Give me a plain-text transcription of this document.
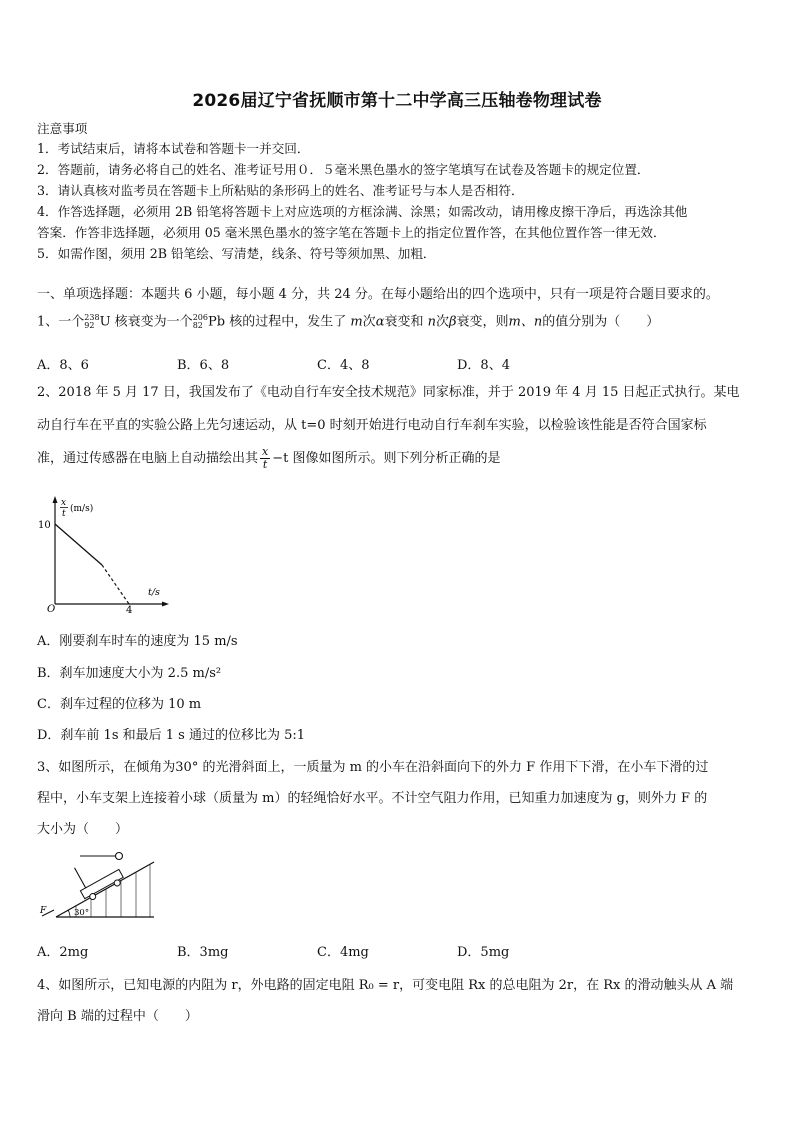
2026届辽宁省抚顺市第十二中学高三压轴卷物理试卷
注意事项
1．考试结束后，请将本试卷和答题卡一并交回．
2．答题前，请务必将自己的姓名、准考证号用０．５毫米黑色墨水的签字笔填写在试卷及答题卡的规定位置．
3．请认真核对监考员在答题卡上所粘贴的条形码上的姓名、准考证号与本人是否相符．
4．作答选择题，必须用 2B 铅笔将答题卡上对应选项的方框涂满、涂黑；如需改动，请用橡皮擦干净后，再选涂其他
答案．作答非选择题，必须用 05 毫米黑色墨水的签字笔在答题卡上的指定位置作答，在其他位置作答一律无效．
5．如需作图，须用 2B 铅笔绘、写清楚，线条、符号等须加黑、加粗．
一、单项选择题：本题共 6 小题，每小题 4 分，共 24 分。在每小题给出的四个选项中，只有一项是符合题目要求的。
1、一个 238
92 U 核衰变为一个 206
82 Pb 核的过程中，发生了 m次α衰变和 n次β衰变，则m、n的值分别为（　　）
A．8、6	B．6、8	C．4、8	D．8、4
2、2018 年 5 月 17 日，我国发布了《电动自行车安全技术规范》同家标准，并于 2019 年 4 月 15 日起正式执行。某电
动自行车在平直的实验公路上先匀速运动，从 t=0 时刻开始进行电动自行车刹车实验，以检验该性能是否符合国家标
准，通过传感器在电脑上自动描绘出其 $\frac{x}{t} -t$ 图像如图所示。则下列分析正确的是
x
t (m/s)
10
t/s
O	4
A．刚要刹车时车的速度为 15 m/s
B．刹车加速度大小为 2.5 m/s²
C．刹车过程的位移为 10 m
D．刹车前 1s 和最后 1 s 通过的位移比为 5:1
3、如图所示，在倾角为30° 的光滑斜面上，一质量为 m 的小车在沿斜面向下的外力 F 作用下下滑，在小车下滑的过
程中，小车支架上连接着小球（质量为 m）的轻绳恰好水平。不计空气阻力作用，已知重力加速度为 g，则外力 F 的
大小为（　　）
F	30°
A．2mg	B．3mg	C．4mg	D．5mg
4、如图所示，已知电源的内阻为 r，外电路的固定电阻 R₀ = r，可变电阻 Rx 的总电阻为 2r，在 Rx 的滑动触头从 A 端
滑向 B 端的过程中（　　）
